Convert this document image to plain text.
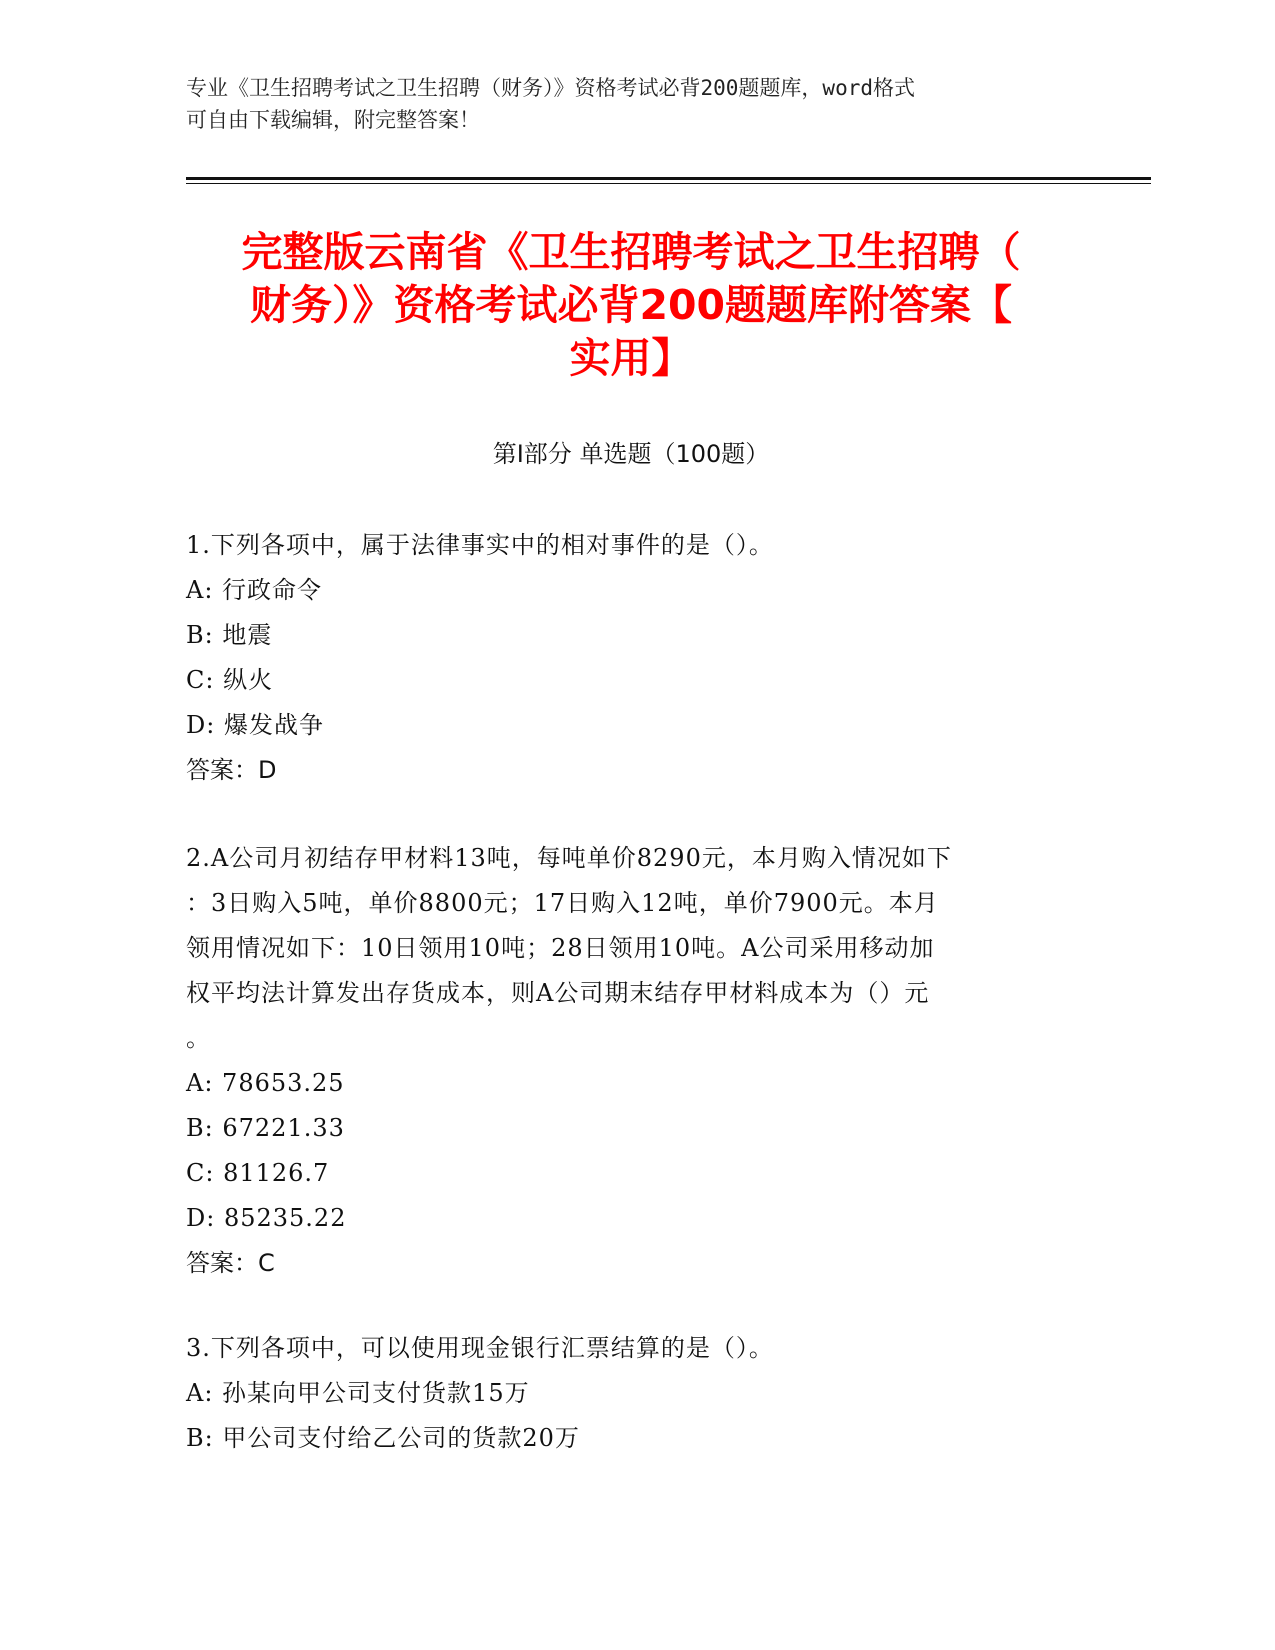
专业《卫生招聘考试之卫生招聘（财务）》资格考试必背200题题库，word格式
可自由下载编辑，附完整答案！
完整版云南省《卫生招聘考试之卫生招聘（
财务）》资格考试必背200题题库附答案【
实用】
第I部分 单选题（100题）
1.下列各项中，属于法律事实中的相对事件的是（）。
A: 行政命令
B: 地震
C: 纵火
D: 爆发战争
答案：D
2.A公司月初结存甲材料13吨，每吨单价8290元，本月购入情况如下
：3日购入5吨，单价8800元；17日购入12吨，单价7900元。本月
领用情况如下：10日领用10吨；28日领用10吨。A公司采用移动加
权平均法计算发出存货成本，则A公司期末结存甲材料成本为（）元
。
A: 78653.25
B: 67221.33
C: 81126.7
D: 85235.22
答案：C
3.下列各项中，可以使用现金银行汇票结算的是（）。
A: 孙某向甲公司支付货款15万
B: 甲公司支付给乙公司的货款20万
